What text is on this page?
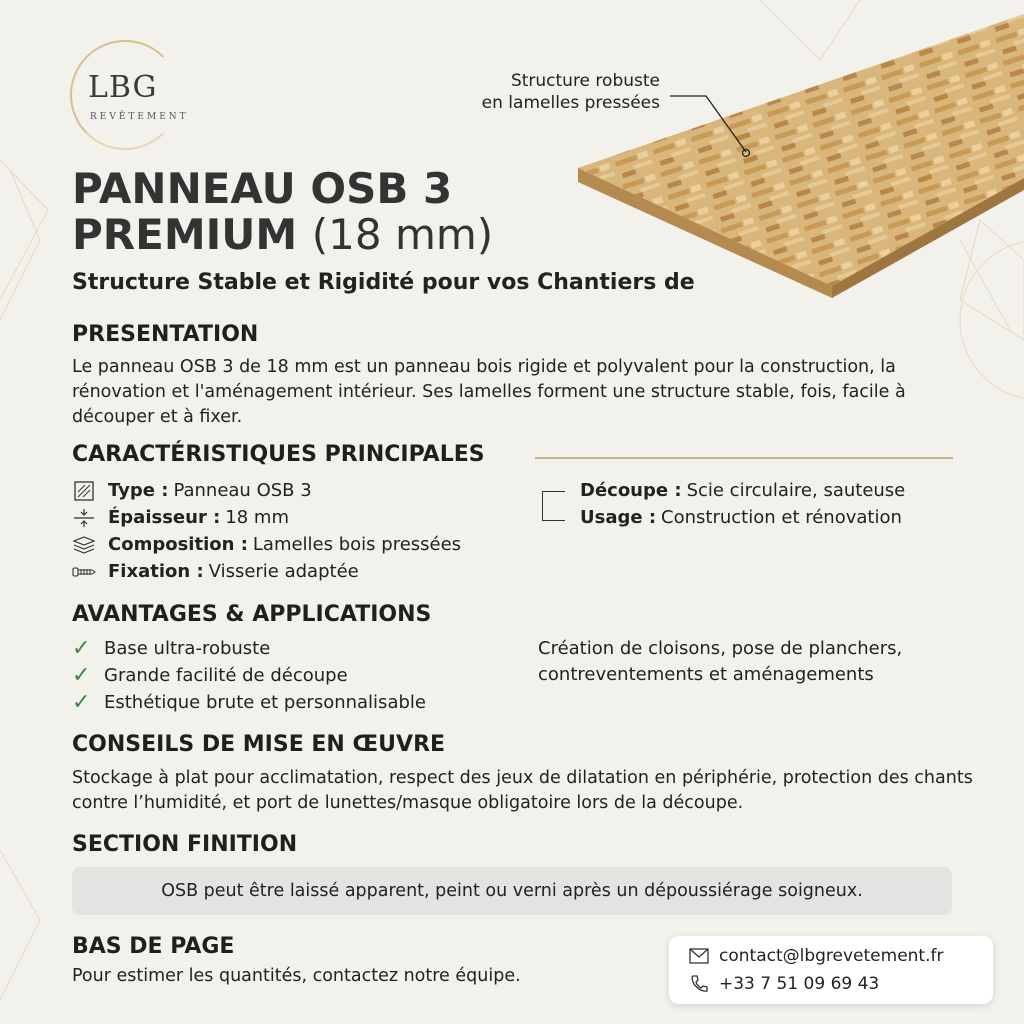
LBG
REVÊTEMENT
Structure robuste
en lamelles pressées
PANNEAU OSB 3
PREMIUM (18 mm)
Structure Stable et Rigidité pour vos Chantiers de
PRESENTATION
Le panneau OSB 3 de 18 mm est un panneau bois rigide et polyvalent pour la construction, la rénovation et l'aménagement intérieur. Ses lamelles forment une structure stable, fois, facile à découper et à fixer.
CARACTÉRISTIQUES PRINCIPALES
Type : Panneau OSB 3
Épaisseur : 18 mm
Composition : Lamelles bois pressées
Fixation : Visserie adaptée
Découpe : Scie circulaire, sauteuse
Usage : Construction et rénovation
AVANTAGES & APPLICATIONS
✓ Base ultra-robuste
✓ Grande facilité de découpe
✓ Esthétique brute et personnalisable
Création de cloisons, pose de planchers, contreventements et aménagements
CONSEILS DE MISE EN ŒUVRE
Stockage à plat pour acclimatation, respect des jeux de dilatation en périphérie, protection des chants contre l’humidité, et port de lunettes/masque obligatoire lors de la découpe.
SECTION FINITION
OSB peut être laissé apparent, peint ou verni après un dépoussiérage soigneux.
BAS DE PAGE
Pour estimer les quantités, contactez notre équipe.
contact@lbgrevetement.fr
+33 7 51 09 69 43
